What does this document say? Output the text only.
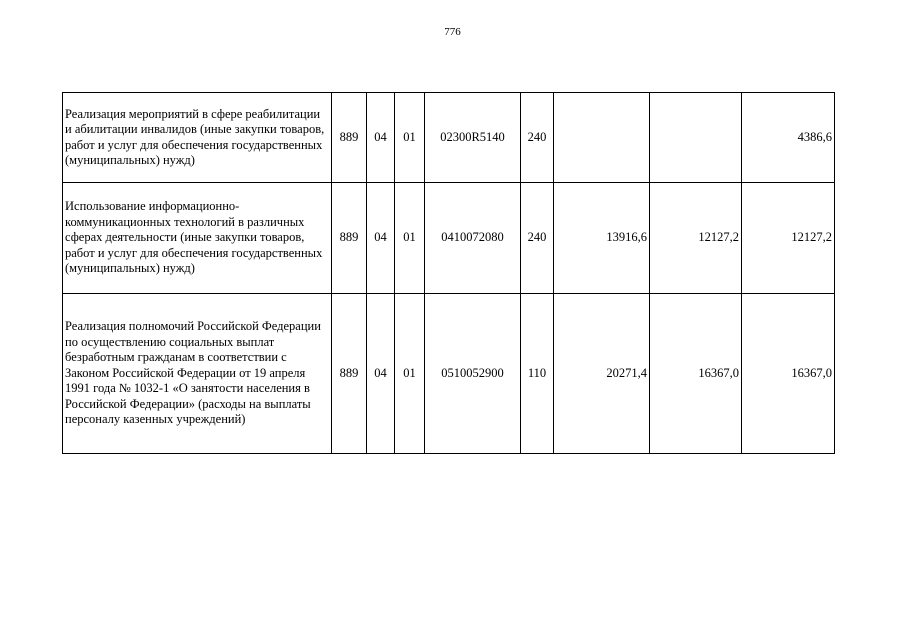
776
Реализация мероприятий в сфере реабилитации и абилитации инвалидов (иные закупки товаров, работ и услуг для обеспечения государственных (муниципальных) нужд)	889	04	01	02300R5140	240			4386,6
Использование информационно-коммуникационных технологий в различных сферах деятельности (иные закупки товаров, работ и услуг для обеспечения государственных (муниципальных) нужд)	889	04	01	0410072080	240	13916,6	12127,2	12127,2
Реализация полномочий Российской Федерации по осуществлению социальных выплат безработным гражданам в соответствии с Законом Российской Федерации от 19 апреля 1991 года № 1032-1 «О занятости населения в Российской Федерации» (расходы на выплаты персоналу казенных учреждений)	889	04	01	0510052900	110	20271,4	16367,0	16367,0
